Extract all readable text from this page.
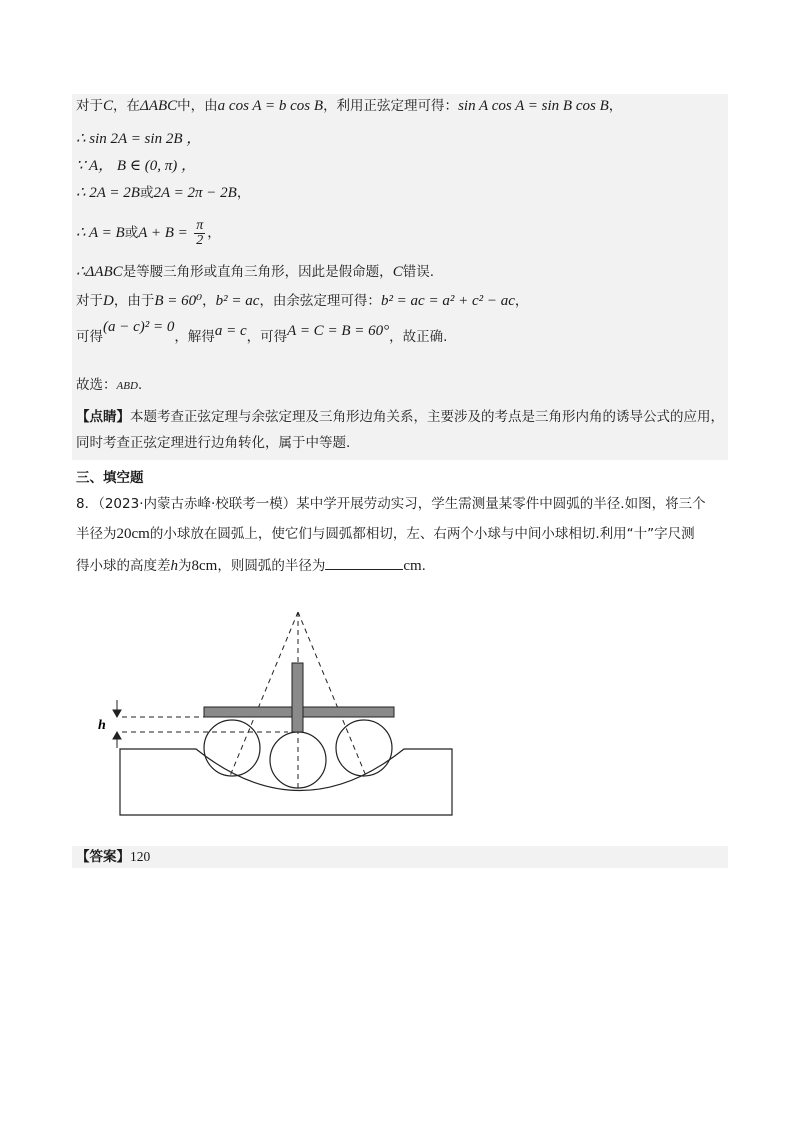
对于C，在ΔABC中，由a cos A = b cos B，利用正弦定理可得：sin A cos A = sin B cos B，
∴ sin 2A = sin 2B ，
∵ A， B ∈ (0, π) ，
∴ 2A = 2B或2A = 2π − 2B，
∴ A = B或$A + B = \frac{\pi}{2}$ ，
∴ΔABC是等腰三角形或直角三角形，因此是假命题，C错误.
对于D，由于B = 60⁰，b² = ac，由余弦定理可得：b² = ac = a² + c² − ac，
可得(a − c)² = 0，解得a = c，可得A = C = B = 60°，故正确.
故选：ABD.
【点睛】本题考查正弦定理与余弦定理及三角形边角关系，主要涉及的考点是三角形内角的诱导公式的应用，同时考查正弦定理进行边角转化，属于中等题.
三、填空题
8．（2023·内蒙古赤峰·校联考一模）某中学开展劳动实习，学生需测量某零件中圆弧的半径.如图，将三个
半径为20cm的小球放在圆弧上，使它们与圆弧都相切，左、右两个小球与中间小球相切.利用“十”字尺测
得小球的高度差h为8cm，则圆弧的半径为	cm.
h
【答案】120
